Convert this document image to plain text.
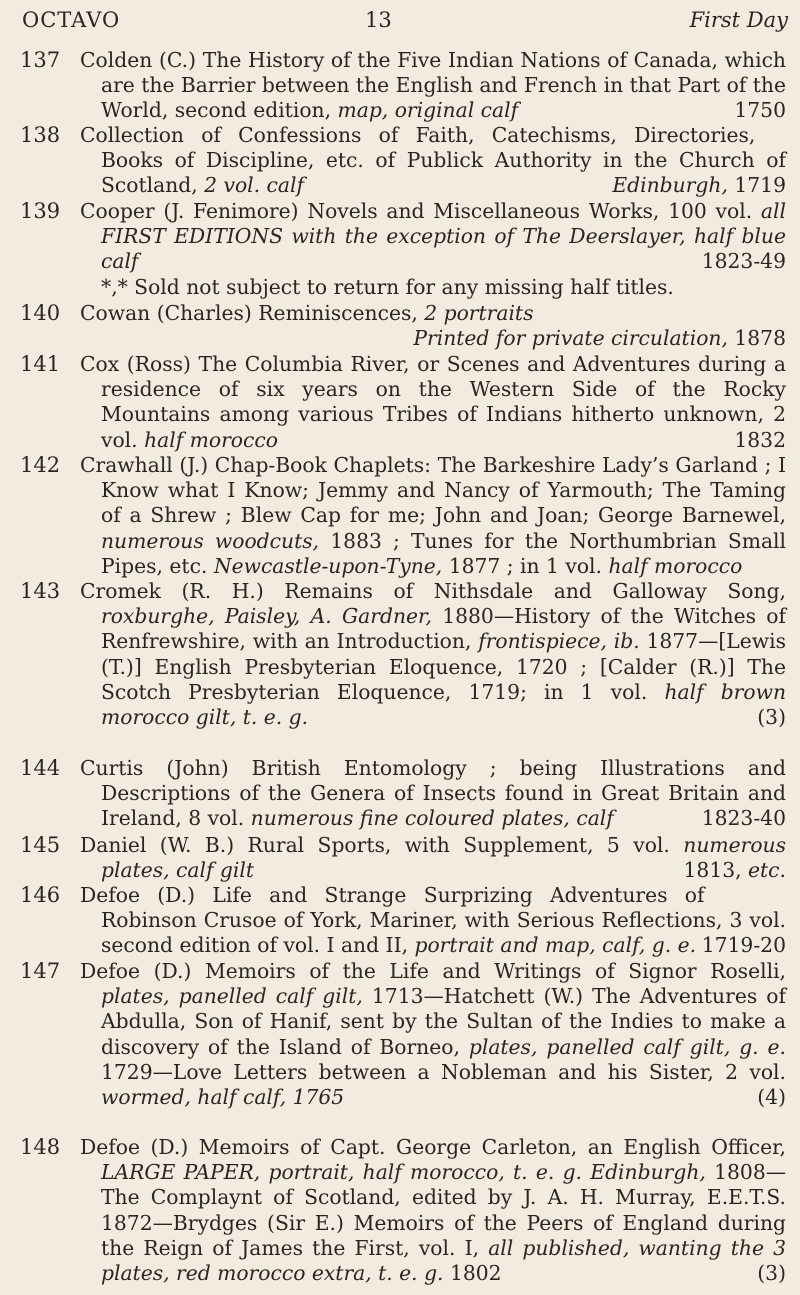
OCTAVO	13	First Day
137 Colden (C.) The History of the Five Indian Nations of Canada, which are the Barrier between the English and French in that Part of the World, second edition, map, original calf	1750
138 Collection of Confessions of Faith, Catechisms, Directories, Books of Discipline, etc. of Publick Authority in the Church of Scotland, 2 vol. calf	Edinburgh, 1719
139 Cooper (J. Fenimore) Novels and Miscellaneous Works, 100 vol. all FIRST EDITIONS with the exception of The Deerslayer, half blue calf	1823-49
*‚* Sold not subject to return for any missing half titles.
140 Cowan (Charles) Reminiscences, 2 portraits
Printed for private circulation, 1878
141 Cox (Ross) The Columbia River, or Scenes and Adventures during a residence of six years on the Western Side of the Rocky Mountains among various Tribes of Indians hitherto unknown, 2 vol. half morocco	1832
142 Crawhall (J.) Chap-Book Chaplets: The Barkeshire Lady’s Garland ; I Know what I Know; Jemmy and Nancy of Yarmouth; The Taming of a Shrew ; Blew Cap for me; John and Joan; George Barnewel, numerous woodcuts, 1883 ; Tunes for the Northumbrian Small Pipes, etc. Newcastle-upon-Tyne, 1877 ; in 1 vol. half morocco
143 Cromek (R. H.) Remains of Nithsdale and Galloway Song, roxburghe, Paisley, A. Gardner, 1880—History of the Witches of Renfrewshire, with an Introduction, frontispiece, ib. 1877—[Lewis (T.)] English Presbyterian Eloquence, 1720 ; [Calder (R.)] The Scotch Presbyterian Eloquence, 1719; in 1 vol. half brown morocco gilt, t. e. g.	(3)
144 Curtis (John) British Entomology ; being Illustrations and Descriptions of the Genera of Insects found in Great Britain and Ireland, 8 vol. numerous fine coloured plates, calf	1823-40
145 Daniel (W. B.) Rural Sports, with Supplement, 5 vol. numerous plates, calf gilt	1813, etc.
146 Defoe (D.) Life and Strange Surprizing Adventures of Robinson Crusoe of York, Mariner, with Serious Reflections, 3 vol. second edition of vol. I and II, portrait and map, calf, g. e. 1719-20
147 Defoe (D.) Memoirs of the Life and Writings of Signor Roselli, plates, panelled calf gilt, 1713—Hatchett (W.) The Adventures of Abdulla, Son of Hanif, sent by the Sultan of the Indies to make a discovery of the Island of Borneo, plates, panelled calf gilt, g. e. 1729—Love Letters between a Nobleman and his Sister, 2 vol. wormed, half calf, 1765	(4)
148 Defoe (D.) Memoirs of Capt. George Carleton, an English Officer, LARGE PAPER, portrait, half morocco, t. e. g. Edinburgh, 1808—The Complaynt of Scotland, edited by J. A. H. Murray, E.E.T.S. 1872—Brydges (Sir E.) Memoirs of the Peers of England during the Reign of James the First, vol. I, all published, wanting the 3 plates, red morocco extra, t. e. g. 1802	(3)
